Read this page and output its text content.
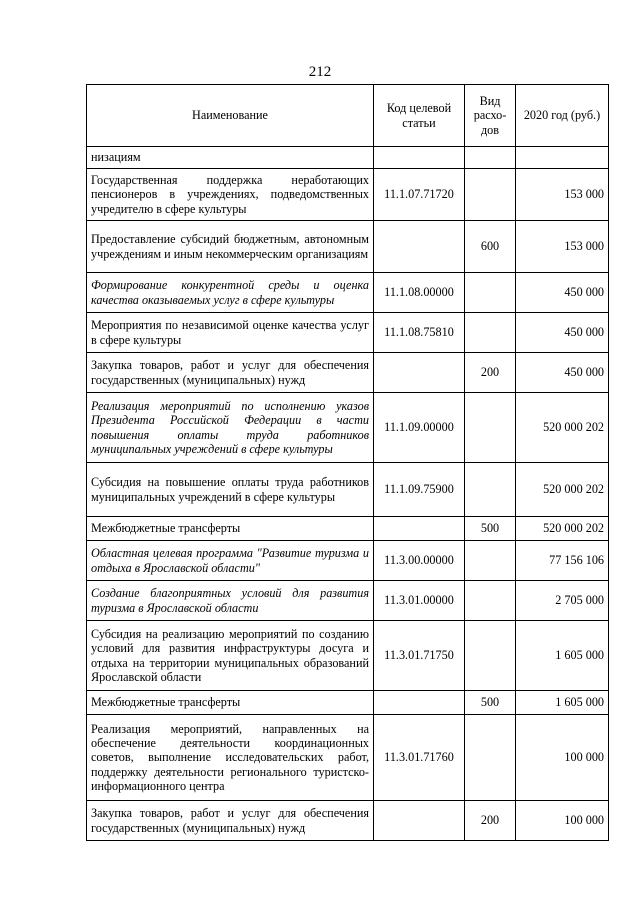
212
Наименование	Код целевой статьи	Вид расхо-дов	2020 год (руб.)
низациям			
Государственная поддержка неработающих пенсионеров в учреждениях, подведомственных учредителю в сфере культуры	11.1.07.71720		153 000
Предоставление субсидий бюджетным, автономным учреждениям и иным некоммерческим организациям		600	153 000
Формирование конкурентной среды и оценка качества оказываемых услуг в сфере культуры	11.1.08.00000		450 000
Мероприятия по независимой оценке качества услуг в сфере культуры	11.1.08.75810		450 000
Закупка товаров, работ и услуг для обеспечения государственных (муниципальных) нужд		200	450 000
Реализация мероприятий по исполнению указов Президента Российской Федерации в части повышения оплаты труда работников муниципальных учреждений в сфере культуры	11.1.09.00000		520 000 202
Субсидия на повышение оплаты труда работников муниципальных учреждений в сфере культуры	11.1.09.75900		520 000 202
Межбюджетные трансферты		500	520 000 202
Областная целевая программа "Развитие туризма и отдыха в Ярославской области"	11.3.00.00000		77 156 106
Создание благоприятных условий для развития туризма в Ярославской области	11.3.01.00000		2 705 000
Субсидия на реализацию мероприятий по созданию условий для развития инфраструктуры досуга и отдыха на территории муниципальных образований Ярославской области	11.3.01.71750		1 605 000
Межбюджетные трансферты		500	1 605 000
Реализация мероприятий, направленных на обеспечение деятельности координационных советов, выполнение исследовательских работ, поддержку деятельности регионального туристско-информационного центра	11.3.01.71760		100 000
Закупка товаров, работ и услуг для обеспечения государственных (муниципальных) нужд		200	100 000
